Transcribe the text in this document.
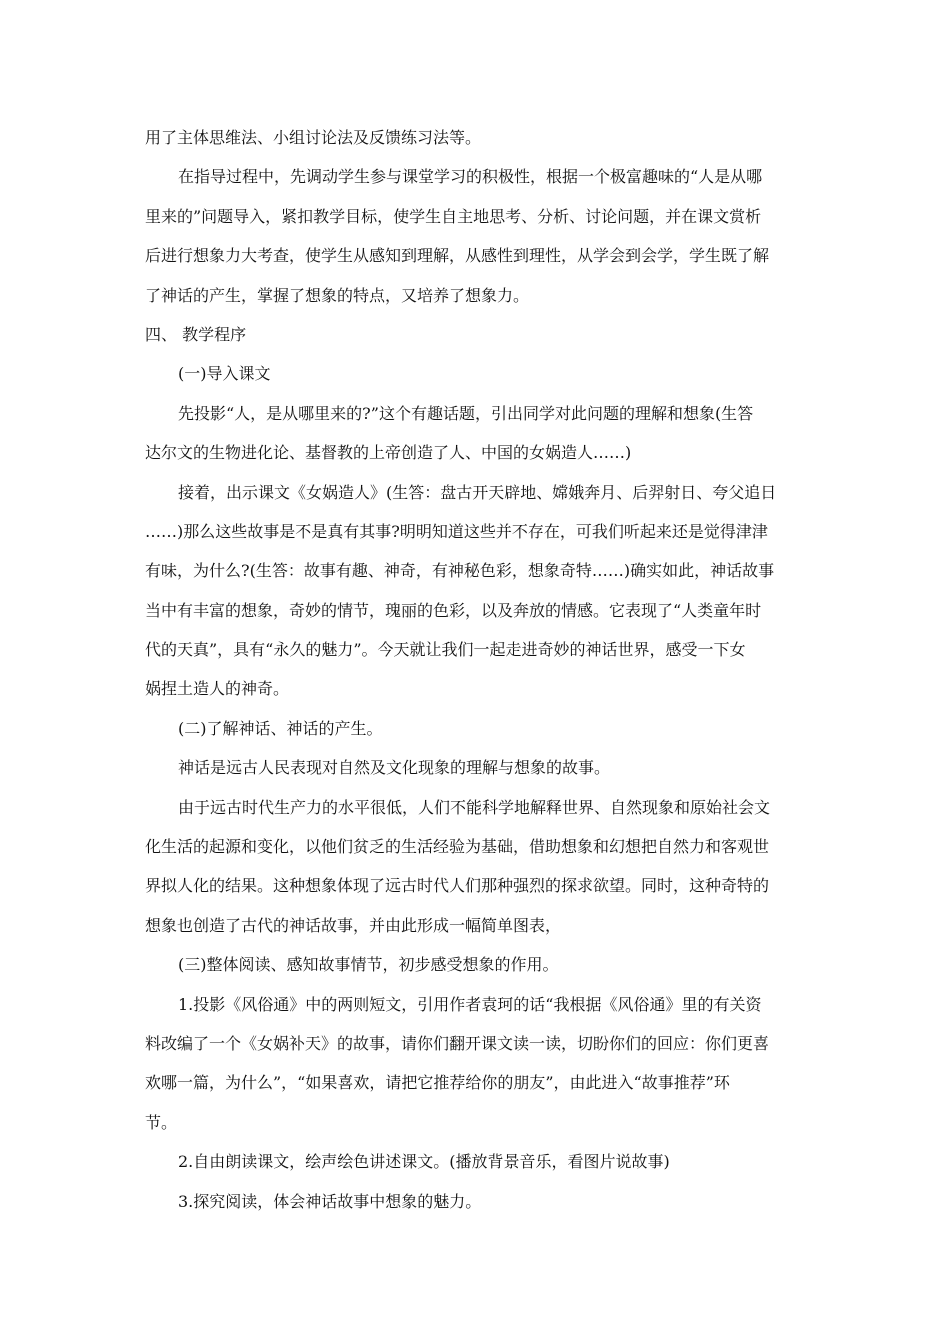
用了主体思维法、小组讨论法及反馈练习法等。
在指导过程中，先调动学生参与课堂学习的积极性，根据一个极富趣味的“人是从哪
里来的”问题导入，紧扣教学目标，使学生自主地思考、分析、讨论问题，并在课文赏析
后进行想象力大考查，使学生从感知到理解，从感性到理性，从学会到会学，学生既了解
了神话的产生，掌握了想象的特点，又培养了想象力。
四、 教学程序
(一)导入课文
先投影“人，是从哪里来的?”这个有趣话题，引出同学对此问题的理解和想象(生答
达尔文的生物进化论、基督教的上帝创造了人、中国的女娲造人……)
接着，出示课文《女娲造人》(生答：盘古开天辟地、嫦娥奔月、后羿射日、夸父追日
……)那么这些故事是不是真有其事?明明知道这些并不存在，可我们听起来还是觉得津津
有味，为什么?(生答：故事有趣、神奇，有神秘色彩，想象奇特……)确实如此，神话故事
当中有丰富的想象，奇妙的情节，瑰丽的色彩，以及奔放的情感。它表现了“人类童年时
代的天真”，具有“永久的魅力”。今天就让我们一起走进奇妙的神话世界，感受一下女
娲捏土造人的神奇。
(二)了解神话、神话的产生。
神话是远古人民表现对自然及文化现象的理解与想象的故事。
由于远古时代生产力的水平很低，人们不能科学地解释世界、自然现象和原始社会文
化生活的起源和变化，以他们贫乏的生活经验为基础，借助想象和幻想把自然力和客观世
界拟人化的结果。这种想象体现了远古时代人们那种强烈的探求欲望。同时，这种奇特的
想象也创造了古代的神话故事，并由此形成一幅简单图表，
(三)整体阅读、感知故事情节，初步感受想象的作用。
1.投影《风俗通》中的两则短文，引用作者袁珂的话“我根据《风俗通》里的有关资
料改编了一个《女娲补天》的故事，请你们翻开课文读一读，切盼你们的回应：你们更喜
欢哪一篇，为什么”，“如果喜欢，请把它推荐给你的朋友”，由此进入“故事推荐”环
节。
2.自由朗读课文，绘声绘色讲述课文。(播放背景音乐，看图片说故事)
3.探究阅读，体会神话故事中想象的魅力。
